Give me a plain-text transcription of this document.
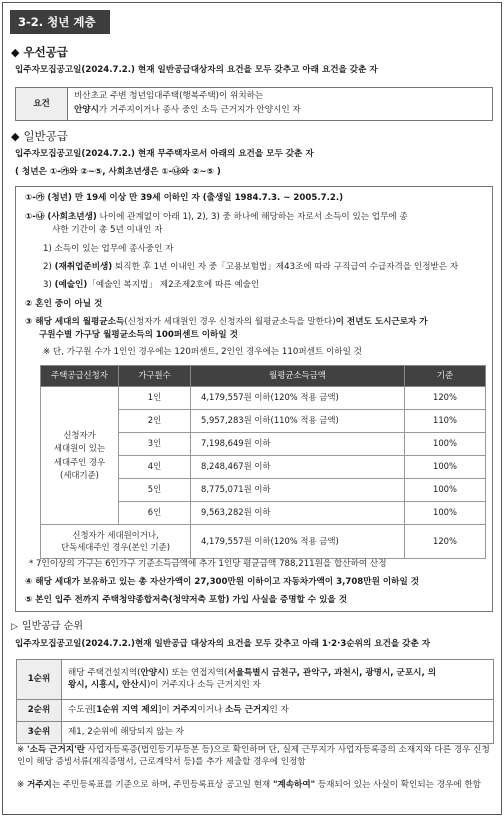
3-2. 청년 계층
◆ 우선공급
입주자모집공고일(2024.7.2.) 현재 일반공급대상자의 요건을 모두 갖추고 아래 요건을 갖춘 자
요건
비산초교 주변 청년임대주택(행복주택)이 위치하는
안양시가 거주지이거나 종사 중인 소득 근거지가 안양시인 자
◆ 일반공급
입주자모집공고일(2024.7.2.) 현재 무주택자로서 아래의 요건을 모두 갖춘 자
( 청년은 ①-㉮와 ②~⑤, 사회초년생은 ①-㉯와 ②~⑤ )
①-㉮ (청년) 만 19세 이상 만 39세 이하인 자 (출생일 1984.7.3. ~ 2005.7.2.)
①-㉯ (사회초년생) 나이에 관계없이 아래 1), 2), 3) 중 하나에 해당하는 자로서 소득이 있는 업무에 종
사한 기간이 총 5년 이내인 자
1) 소득이 있는 업무에 종사중인 자
2) (재취업준비생) 퇴직한 후 1년 이내인 자 중「고용보험법」제43조에 따라 구직급여 수급자격을 인정받은 자
3) (예술인)「예술인 복지법」 제2조제2호에 따른 예술인
② 혼인 중이 아닐 것
③ 해당 세대의 월평균소득(신청자가 세대원인 경우 신청자의 월평균소득을 말한다)이 전년도 도시근로자 가
구원수별 가구당 월평균소득의 100퍼센트 이하일 것
※ 단, 가구원 수가 1인인 경우에는 120퍼센트, 2인인 경우에는 110퍼센트 이하일 것
주택공급신청자	가구원수	월평균소득금액	기준

신청자가
세대원이 있는
세대주인 경우
(세대기준)	1인	4,179,557원 이하(120% 적용 금액)	120%
	2인	5,957,283원 이하(110% 적용 금액)	110%
	3인	7,198,649원 이하	100%
	4인	8,248,467원 이하	100%
	5인	8,775,071원 이하	100%
	6인	9,563,282원 이하	100%

신청자가 세대원이거나,
단독세대주인 경우(본인 기준)		4,179,557원 이하(120% 적용 금액)	120%
* 7인이상의 가구는 6인가구 기준소득금액에 추가 1인당 평균금액 788,211원을 합산하여 산정
④ 해당 세대가 보유하고 있는 총 자산가액이 27,300만원 이하이고 자동차가액이 3,708만원 이하일 것
⑤ 본인 입주 전까지 주택청약종합저축(청약저축 포함) 가입 사실을 증명할 수 있을 것
▷ 일반공급 순위
입주자모집공고일(2024.7.2.)현재 일반공급 대상자의 요건을 모두 갖추고 아래 1·2·3순위의 요건을 갖춘 자
1순위	해당 주택건설지역(안양시) 또는 연접지역(서울특별시 금천구, 관악구, 과천시, 광명시, 군포시, 의
왕시, 시흥시, 안산시)이 거주지나 소득 근거지인 자

2순위	수도권[1순위 지역 제외]이 거주지이거나 소득 근거지인 자
3순위	제1, 2순위에 해당되지 않는 자
※ '소득 근거지'란 사업자등록증(법인등기부등본 등)으로 확인하며 단, 실제 근무지가 사업자등록증의 소재지와 다른 경우 신청인이 해당 증빙서류(재직증명서, 근로계약서 등)를 추가 제출할 경우에 인정함
※ 거주지는 주민등록표를 기준으로 하며, 주민등록표상 공고일 현재 "계속하여" 등재되어 있는 사실이 확인되는 경우에 한함
